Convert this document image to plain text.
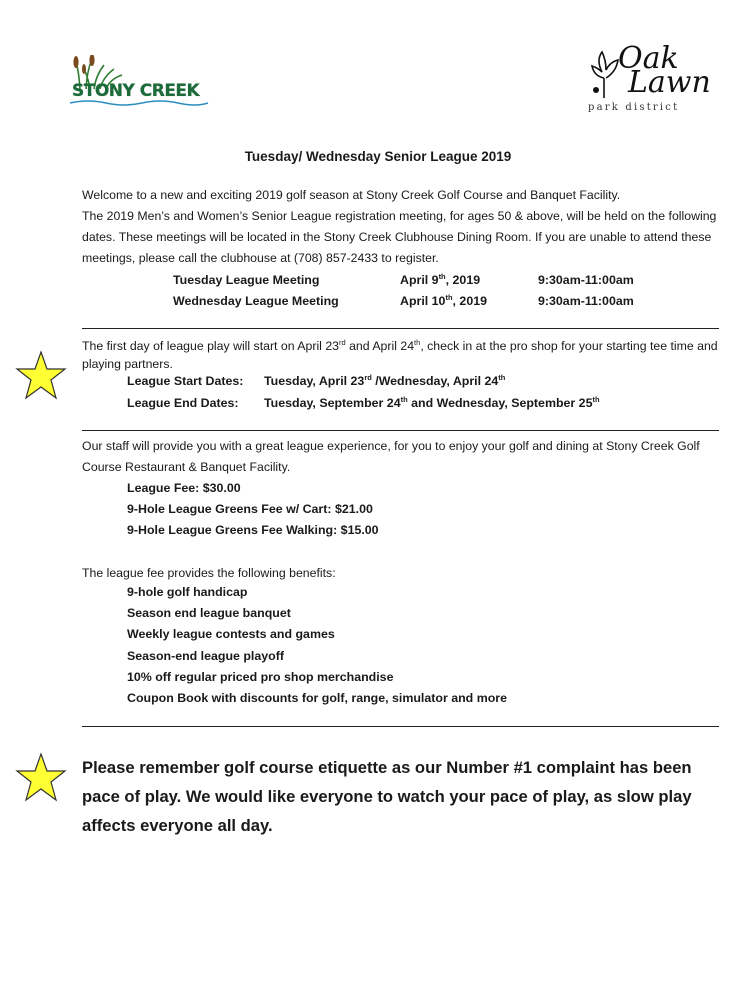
STONY CREEK
Oak
Lawn
park district
Tuesday/ Wednesday Senior League 2019

Welcome to a new and exciting 2019 golf season at Stony Creek Golf Course and Banquet Facility.

The 2019 Men’s and Women’s Senior League registration meeting, for ages 50 & above, will be held on the following dates. These meetings will be located in the Stony Creek Clubhouse Dining Room. If you are unable to attend these meetings, please call the clubhouse at (708) 857-2433 to register.

Tuesday League Meeting	April 9th, 2019	9:30am-11:00am
Wednesday League Meeting	April 10th, 2019	9:30am-11:00am

The first day of league play will start on April 23rd and April 24th, check in at the pro shop for your starting tee time and playing partners.

League Start Dates: Tuesday, April 23rd /Wednesday, April 24th
League End Dates: Tuesday, September 24th and Wednesday, September 25th
Our staff will provide you with a great league experience, for you to enjoy your golf and dining at Stony Creek Golf Course Restaurant & Banquet Facility.
League Fee: $30.00
9-Hole League Greens Fee w/ Cart: $21.00
9-Hole League Greens Fee Walking: $15.00
The league fee provides the following benefits:
9-hole golf handicap
Season end league banquet
Weekly league contests and games
Season-end league playoff
10% off regular priced pro shop merchandise
Coupon Book with discounts for golf, range, simulator and more

Please remember golf course etiquette as our Number #1 complaint has been pace of play. We would like everyone to watch your pace of play, as slow play affects everyone all day.
